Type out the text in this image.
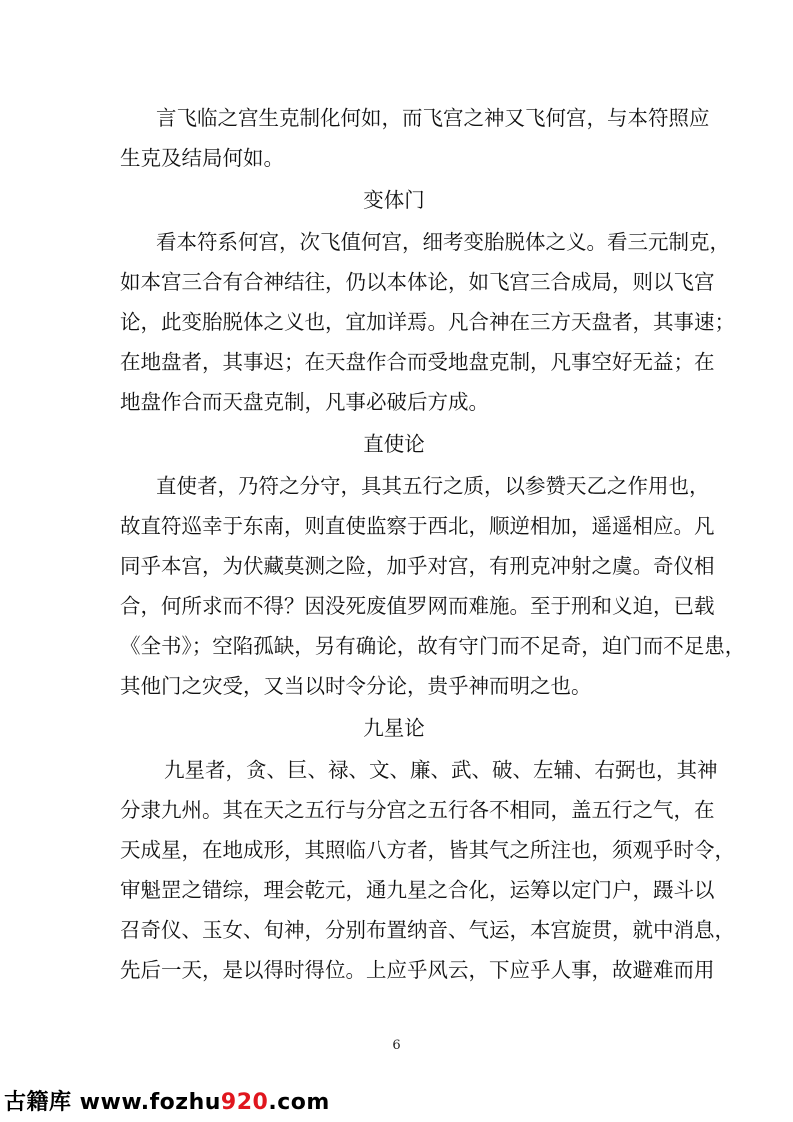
言飞临之宫生克制化何如，而飞宫之神又飞何宫，与本符照应
生克及结局何如。
变体门
看本符系何宫，次飞值何宫，细考变胎脱体之义。看三元制克，
如本宫三合有合神结往，仍以本体论，如飞宫三合成局，则以飞宫
论，此变胎脱体之义也，宜加详焉。凡合神在三方天盘者，其事速；
在地盘者，其事迟；在天盘作合而受地盘克制，凡事空好无益；在
地盘作合而天盘克制，凡事必破后方成。
直使论
直使者，乃符之分守，具其五行之质，以参赞天乙之作用也，
故直符巡幸于东南，则直使监察于西北，顺逆相加，遥遥相应。凡
同乎本宫，为伏藏莫测之险，加乎对宫，有刑克冲射之虞。奇仪相
合，何所求而不得？因没死废值罗网而难施。至于刑和义迫，已载
《全书》；空陷孤缺，另有确论，故有守门而不足奇，迫门而不足患，
其他门之灾受，又当以时令分论，贵乎神而明之也。
九星论
九星者，贪、巨、禄、文、廉、武、破、左辅、右弼也，其神
分隶九州。其在天之五行与分宫之五行各不相同，盖五行之气，在
天成星，在地成形，其照临八方者，皆其气之所注也，须观乎时令，
审魁罡之错综，理会乾元，通九星之合化，运筹以定门户，蹑斗以
召奇仪、玉女、旬神，分别布置纳音、气运，本宫旋贯，就中消息，
先后一天，是以得时得位。上应乎风云，下应乎人事，故避难而用
6
古籍库 www.fozhu920.com
